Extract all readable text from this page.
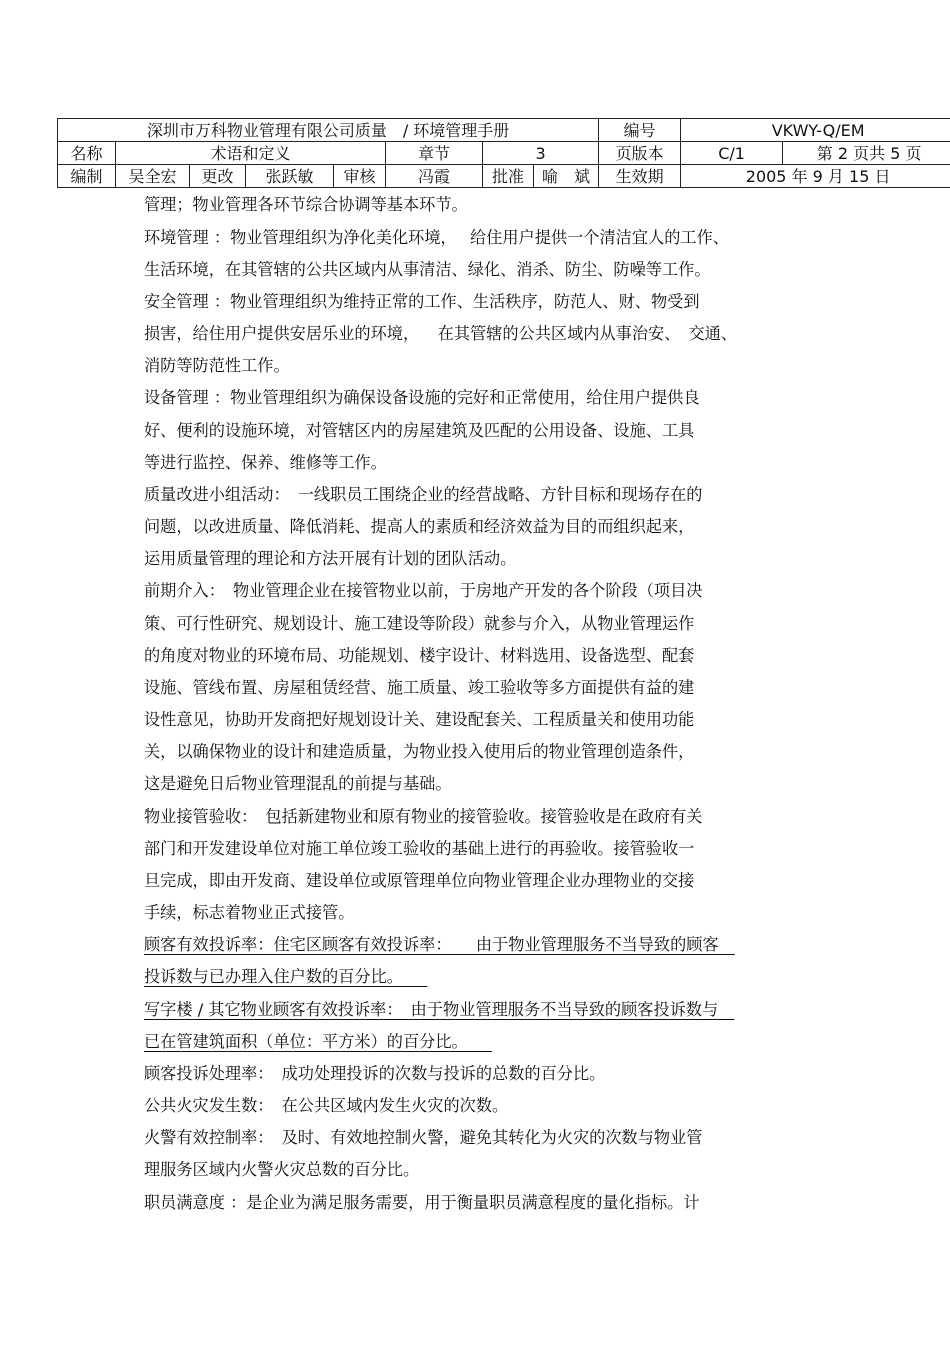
深圳市万科物业管理有限公司质量　/ 环境管理手册								编号	VKWY-Q/EM	
名称	术语和定义				章节	3		页版本	C/1	第 2 页共 5 页
编制	吴全宏	更改	张跃敏	审核	冯霞	批准	喻　斌	生效期	2005 年 9 月 15 日	
管理；物业管理各环节综合协调等基本环节。
环境管理 ：物业管理组织为净化美化环境，　 给住用户提供一个清洁宜人的工作、
生活环境，在其管辖的公共区域内从事清洁、绿化、消杀、防尘、防噪等工作。
安全管理 ：物业管理组织为维持正常的工作、生活秩序，防范人、财、物受到
损害，给住用户提供安居乐业的环境，　  在其管辖的公共区域内从事治安、　交通、
消防等防范性工作。
设备管理 ：物业管理组织为确保设备设施的完好和正常使用，给住用户提供良
好、便利的设施环境，对管辖区内的房屋建筑及匹配的公用设备、设施、工具
等进行监控、保养、维修等工作。
质量改进小组活动：　一线职员工围绕企业的经营战略、方针目标和现场存在的
问题，以改进质量、降低消耗、提高人的素质和经济效益为目的而组织起来，
运用质量管理的理论和方法开展有计划的团队活动。
前期介入：　物业管理企业在接管物业以前，于房地产开发的各个阶段（项目决
策、可行性研究、规划设计、施工建设等阶段）就参与介入，从物业管理运作
的角度对物业的环境布局、功能规划、楼宇设计、材料选用、设备选型、配套
设施、管线布置、房屋租赁经营、施工质量、竣工验收等多方面提供有益的建
设性意见，协助开发商把好规划设计关、建设配套关、工程质量关和使用功能
关，以确保物业的设计和建造质量，为物业投入使用后的物业管理创造条件，
这是避免日后物业管理混乱的前提与基础。
物业接管验收：　包括新建物业和原有物业的接管验收。接管验收是在政府有关
部门和开发建设单位对施工单位竣工验收的基础上进行的再验收。接管验收一
旦完成，即由开发商、建设单位或原管理单位向物业管理企业办理物业的交接
手续，标志着物业正式接管。
顾客有效投诉率：住宅区顾客有效投诉率：　　由于物业管理服务不当导致的顾客　
投诉数与已办理入住户数的百分比。　　
写字楼 / 其它物业顾客有效投诉率：　由于物业管理服务不当导致的顾客投诉数与　
已在管建筑面积（单位：平方米）的百分比。　　
顾客投诉处理率：　成功处理投诉的次数与投诉的总数的百分比。
公共火灾发生数：　在公共区域内发生火灾的次数。
火警有效控制率：　及时、有效地控制火警，避免其转化为火灾的次数与物业管
理服务区域内火警火灾总数的百分比。
职员满意度 ：是企业为满足服务需要，用于衡量职员满意程度的量化指标。计
